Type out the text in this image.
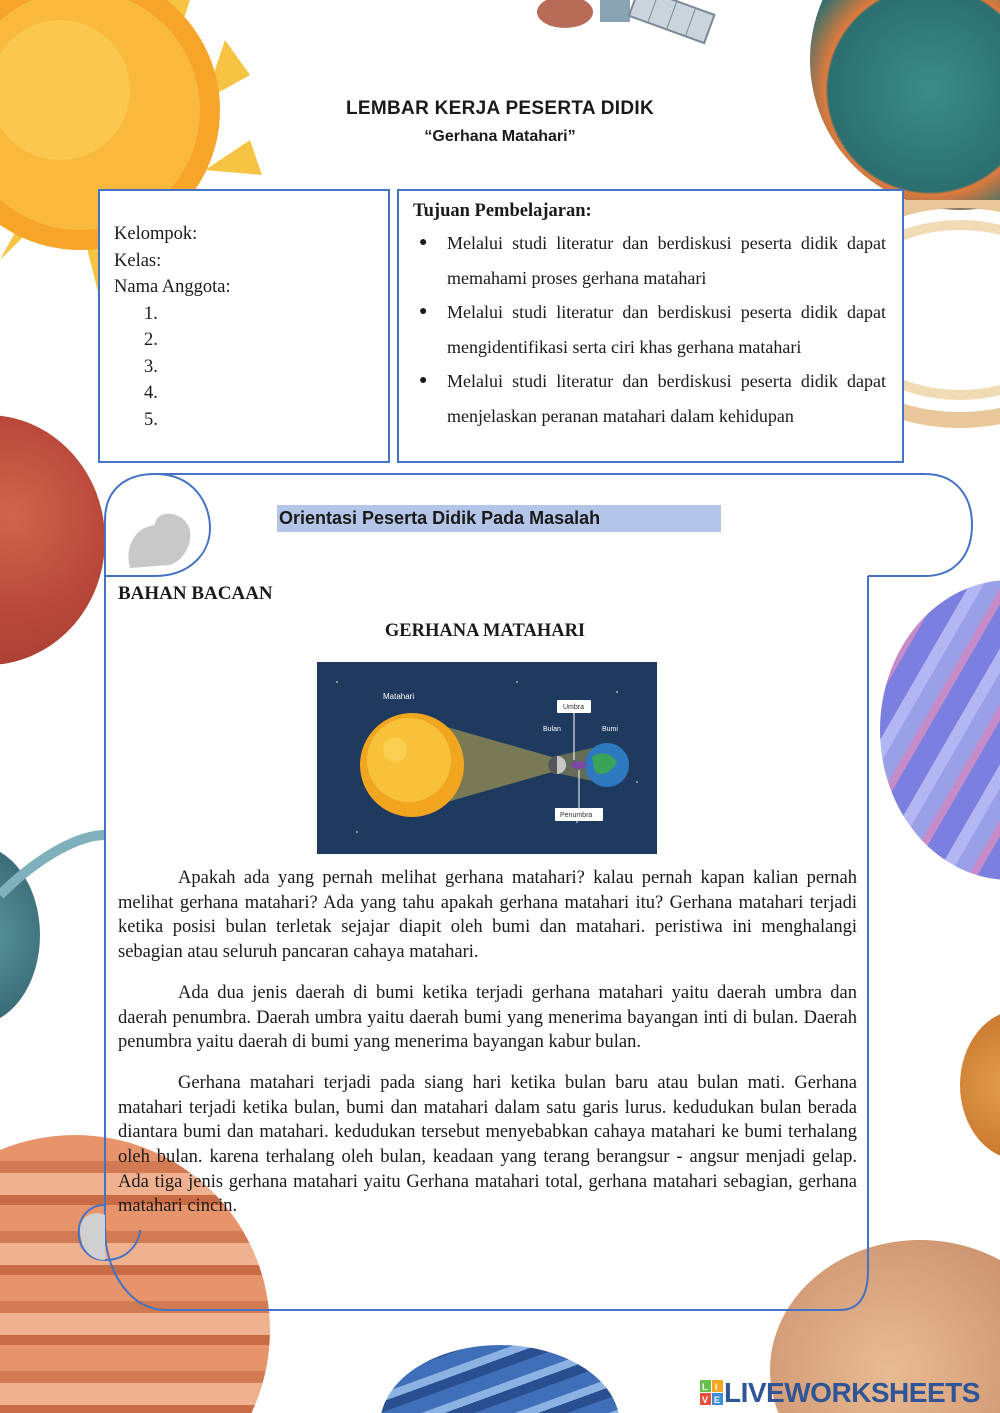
LEMBAR KERJA PESERTA DIDIK
“Gerhana Matahari”
Kelompok:
Kelas:
Nama Anggota:
1.
2.
3.
4.
5.
Tujuan Pembelajaran:
●	Melalui studi literatur dan berdiskusi peserta didik dapat memahami proses gerhana matahari
●	Melalui studi literatur dan berdiskusi peserta didik dapat mengidentifikasi serta ciri khas gerhana matahari
●	Melalui studi literatur dan berdiskusi peserta didik dapat menjelaskan peranan matahari dalam kehidupan
Orientasi Peserta Didik Pada Masalah
BAHAN BACAAN
GERHANA MATAHARI
Matahari
Umbra
Bulan	Bumi
Penumbra

Apakah ada yang pernah melihat gerhana matahari? kalau pernah kapan kalian pernah melihat gerhana matahari? Ada yang tahu apakah gerhana matahari itu? Gerhana matahari terjadi ketika posisi bulan terletak sejajar diapit oleh bumi dan matahari. peristiwa ini menghalangi sebagian atau seluruh pancaran cahaya matahari.

Ada dua jenis daerah di bumi ketika terjadi gerhana matahari yaitu daerah umbra dan daerah penumbra. Daerah umbra yaitu daerah bumi yang menerima bayangan inti di bulan. Daerah penumbra yaitu daerah di bumi yang menerima bayangan kabur bulan.

Gerhana matahari terjadi pada siang hari ketika bulan baru atau bulan mati. Gerhana matahari terjadi ketika bulan, bumi dan matahari dalam satu garis lurus. kedudukan bulan berada diantara bumi dan matahari. kedudukan tersebut menyebabkan cahaya matahari ke bumi terhalang oleh bulan. karena terhalang oleh bulan, keadaan yang terang berangsur - angsur menjadi gelap. Ada tiga jenis gerhana matahari yaitu Gerhana matahari total, gerhana matahari sebagian, gerhana matahari cincin.

L I
V E LIVEWORKSHEETS
